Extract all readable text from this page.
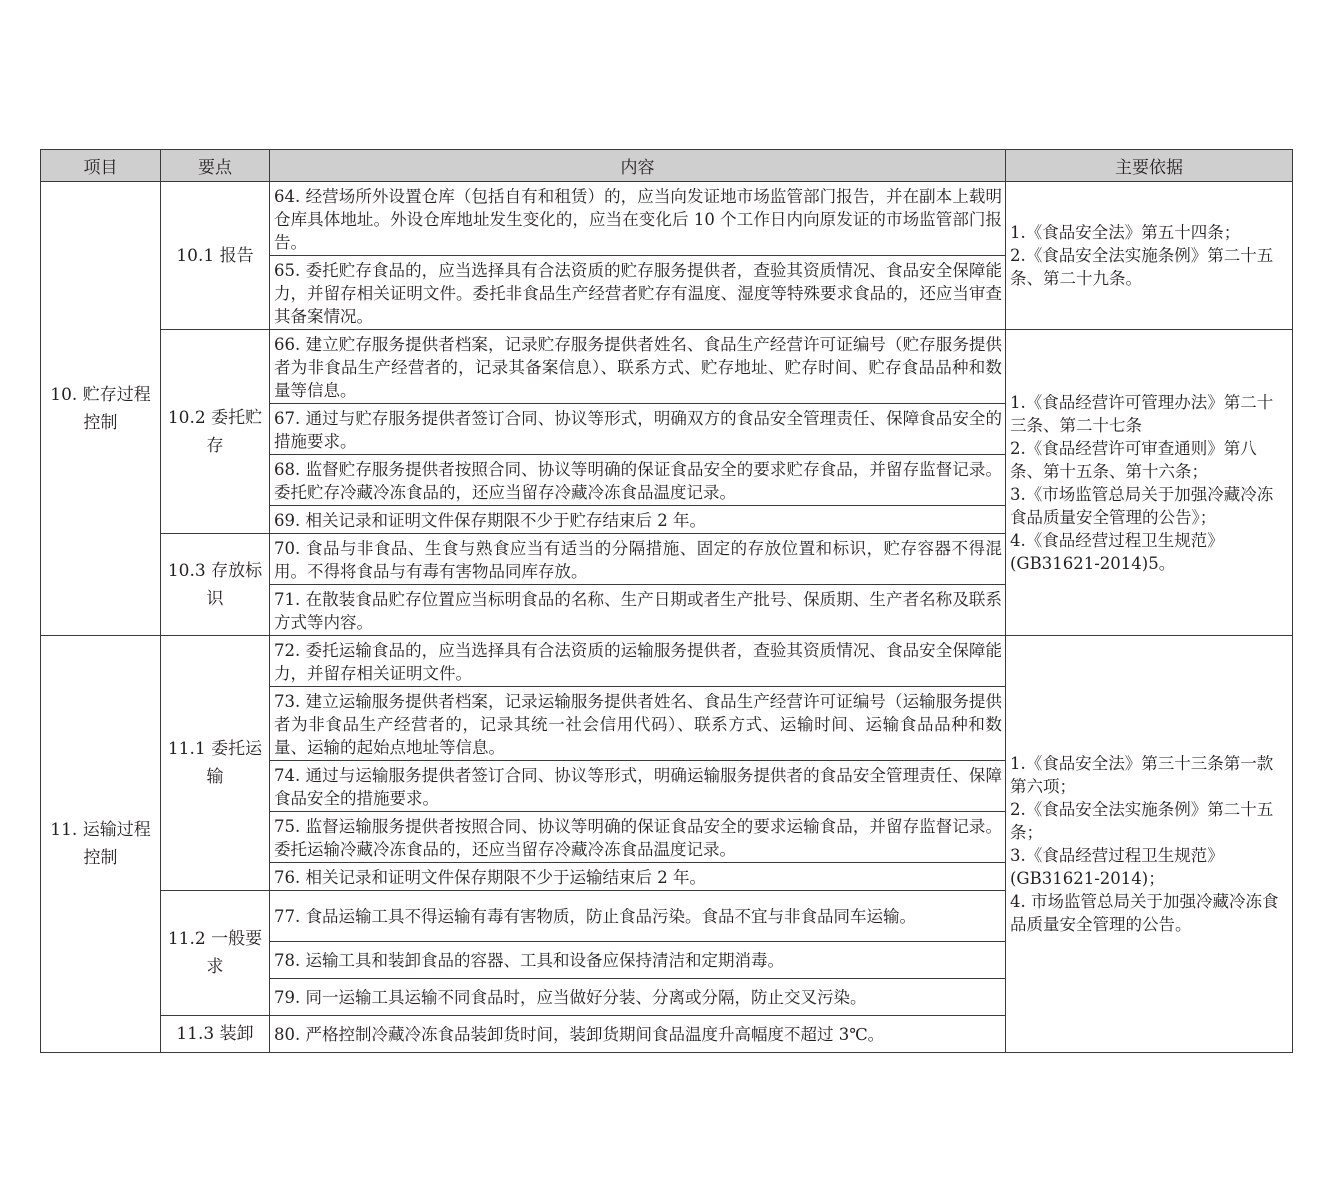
项目	要点	内容	主要依据
10. 贮存过程控制	10.1 报告	64. 经营场所外设置仓库（包括自有和租赁）的，应当向发证地市场监管部门报告，并在副本上载明仓库具体地址。外设仓库地址发生变化的，应当在变化后 10 个工作日内向原发证的市场监管部门报告。	1.《食品安全法》第五十四条；
2.《食品安全法实施条例》第二十五条、第二十九条。

		65. 委托贮存食品的，应当选择具有合法资质的贮存服务提供者，查验其资质情况、食品安全保障能力，并留存相关证明文件。委托非食品生产经营者贮存有温度、湿度等特殊要求食品的，还应当审查其备案情况。	
	10.2 委托贮存	66. 建立贮存服务提供者档案，记录贮存服务提供者姓名、食品生产经营许可证编号（贮存服务提供者为非食品生产经营者的，记录其备案信息）、联系方式、贮存地址、贮存时间、贮存食品品种和数量等信息。	1.《食品经营许可管理办法》第二十三条、第二十七条
2.《食品经营许可审查通则》第八条、第十五条、第十六条；
3.《市场监管总局关于加强冷藏冷冻食品质量安全管理的公告》；
4.《食品经营过程卫生规范》(GB31621-2014)5。

		67. 通过与贮存服务提供者签订合同、协议等形式，明确双方的食品安全管理责任、保障食品安全的措施要求。	
		68. 监督贮存服务提供者按照合同、协议等明确的保证食品安全的要求贮存食品，并留存监督记录。委托贮存冷藏冷冻食品的，还应当留存冷藏冷冻食品温度记录。	
		69. 相关记录和证明文件保存期限不少于贮存结束后 2 年。	
	10.3 存放标识	70. 食品与非食品、生食与熟食应当有适当的分隔措施、固定的存放位置和标识，贮存容器不得混用。不得将食品与有毒有害物品同库存放。	
		71. 在散装食品贮存位置应当标明食品的名称、生产日期或者生产批号、保质期、生产者名称及联系方式等内容。	
11. 运输过程控制	11.1 委托运输	72. 委托运输食品的，应当选择具有合法资质的运输服务提供者，查验其资质情况、食品安全保障能力，并留存相关证明文件。	1.《食品安全法》第三十三条第一款第六项；
2.《食品安全法实施条例》第二十五条；
3.《食品经营过程卫生规范》(GB31621-2014)；
4. 市场监管总局关于加强冷藏冷冻食品质量安全管理的公告。

		73. 建立运输服务提供者档案，记录运输服务提供者姓名、食品生产经营许可证编号（运输服务提供者为非食品生产经营者的，记录其统一社会信用代码）、联系方式、运输时间、运输食品品种和数量、运输的起始点地址等信息。	
		74. 通过与运输服务提供者签订合同、协议等形式，明确运输服务提供者的食品安全管理责任、保障食品安全的措施要求。	
		75. 监督运输服务提供者按照合同、协议等明确的保证食品安全的要求运输食品，并留存监督记录。委托运输冷藏冷冻食品的，还应当留存冷藏冷冻食品温度记录。	
		76. 相关记录和证明文件保存期限不少于运输结束后 2 年。	
	11.2 一般要求	77. 食品运输工具不得运输有毒有害物质，防止食品污染。食品不宜与非食品同车运输。	
		78. 运输工具和装卸食品的容器、工具和设备应保持清洁和定期消毒。	
		79. 同一运输工具运输不同食品时，应当做好分装、分离或分隔，防止交叉污染。	
	11.3 装卸	80. 严格控制冷藏冷冻食品装卸货时间，装卸货期间食品温度升高幅度不超过 3℃。	
